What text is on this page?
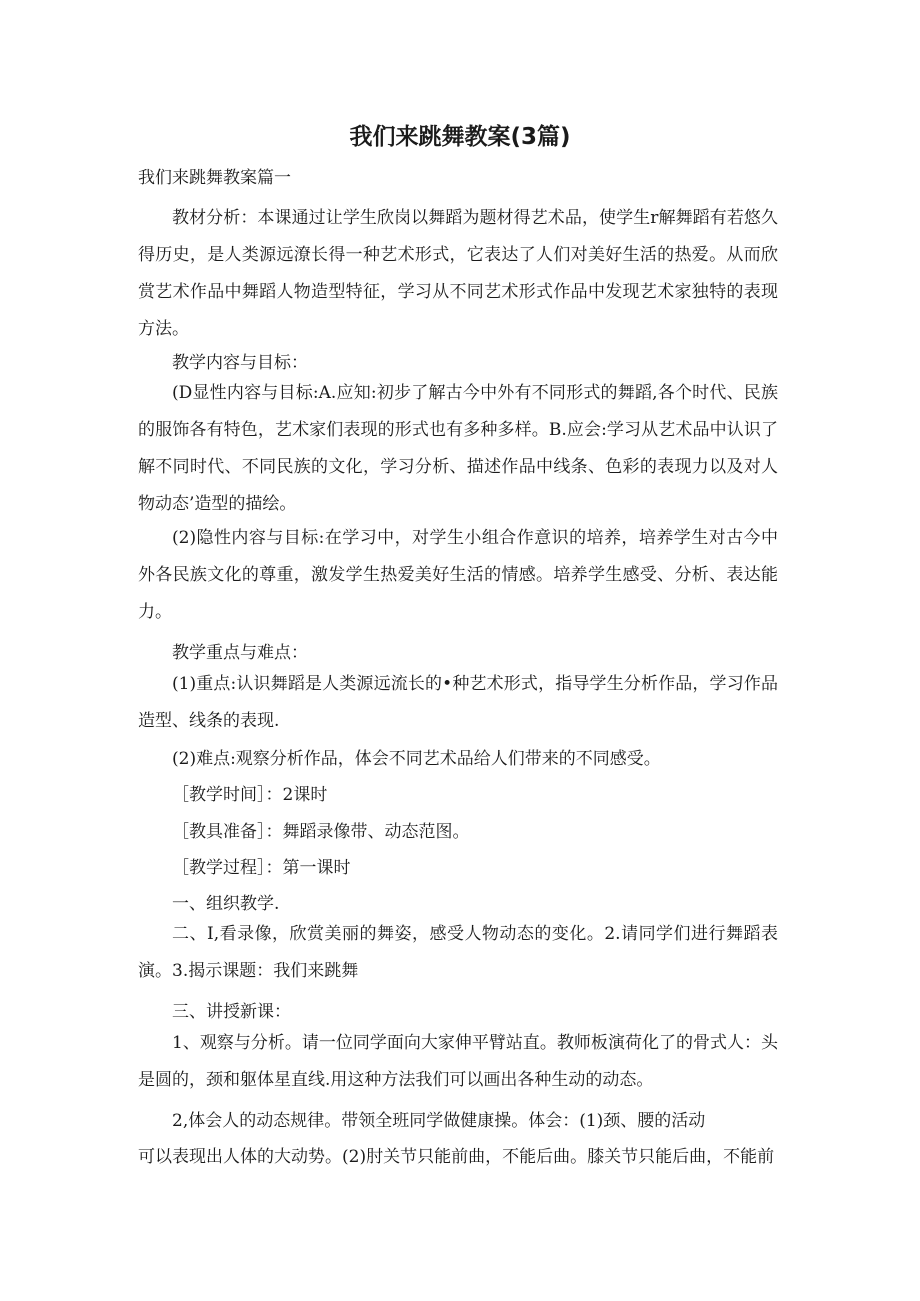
我们来跳舞教案(3篇)

我们来跳舞教案篇一

教材分析：本课通过让学生欣岗以舞蹈为题材得艺术品，使学生r解舞蹈有若悠久得历史，是人类源远潦长得一种艺术形式，它表达了人们对美好生活的热爱。从而欣赏艺术作品中舞蹈人物造型特征，学习从不同艺术形式作品中发现艺术家独特的表现方法。

教学内容与目标：

(D显性内容与目标:A.应知:初步了解古今中外有不同形式的舞蹈,各个时代、民族的服饰各有特色，艺术家们表现的形式也有多种多样。B.应会:学习从艺术品中认识了解不同时代、不同民族的文化，学习分析、描述作品中线条、色彩的表现力以及对人物动态’造型的描绘。

(2)隐性内容与目标:在学习中，对学生小组合作意识的培养，培养学生对古今中外各民族文化的尊重，激发学生热爱美好生活的情感。培养学生感受、分析、表达能力。

教学重点与难点：

(1)重点:认识舞蹈是人类源远流长的•种艺术形式，指导学生分析作品，学习作品造型、线条的表现.

(2)难点:观察分析作品，体会不同艺术品给人们带来的不同感受。

［教学时间］：2课时

［教具准备］：舞蹈录像带、动态范图。

［教学过程］：第一课时

一、组织教学.

二、I,看录像，欣赏美丽的舞姿，感受人物动态的变化。2.请同学们进行舞蹈表演。3.揭示课题：我们来跳舞

三、讲授新课：

1、观察与分析。请一位同学面向大家伸平臂站直。教师板演荷化了的骨式人：头是圆的，颈和躯体星直线.用这种方法我们可以画出各种生动的动态。

2,体会人的动态规律。带领全班同学做健康操。体会：(1)颈、腰的活动

可以表现出人体的大动势。(2)肘关节只能前曲，不能后曲。膝关节只能后曲，不能前
